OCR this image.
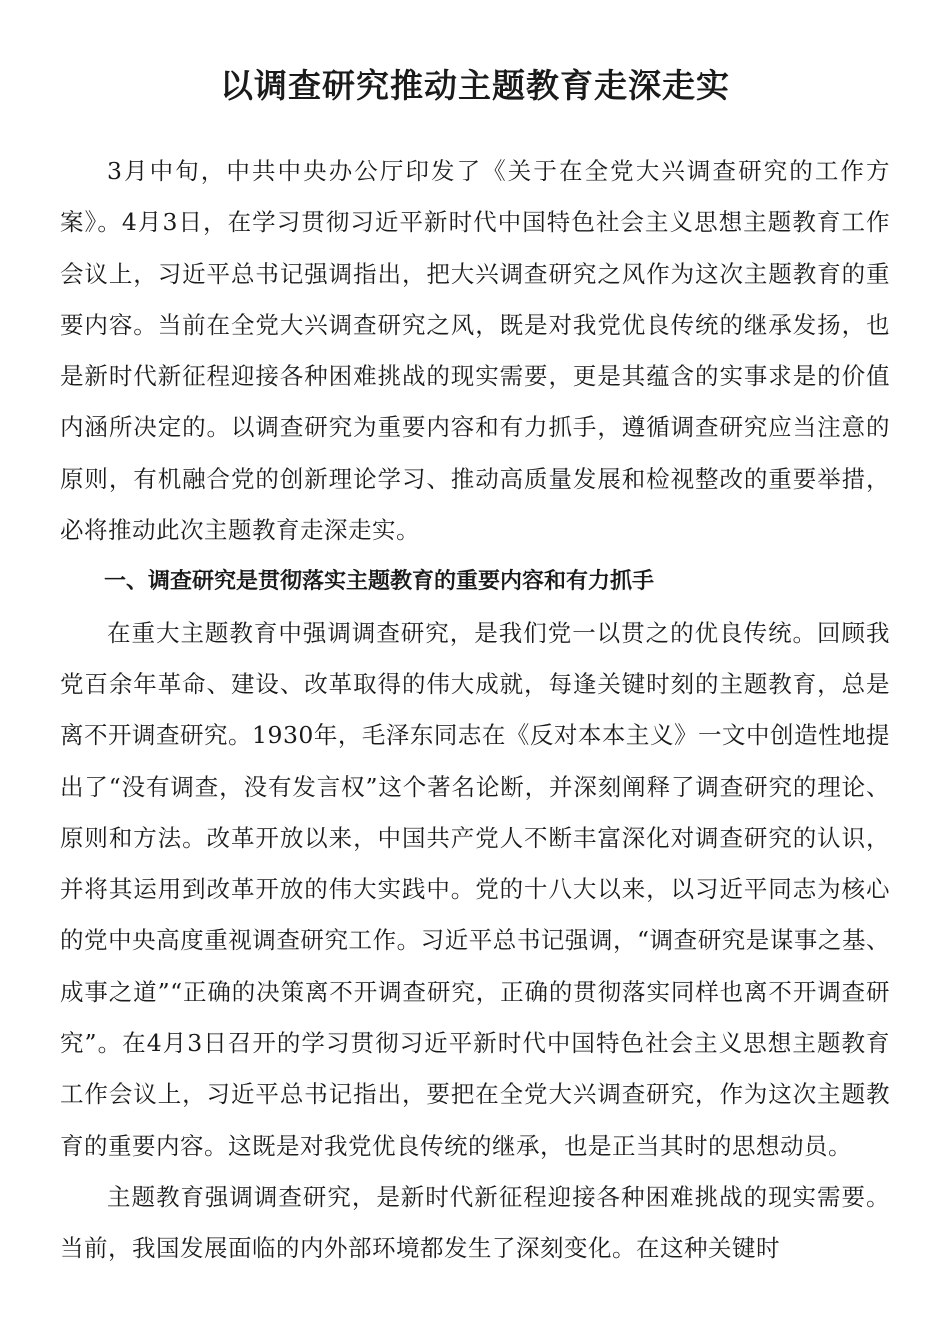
以调查研究推动主题教育走深走实

3月中旬，中共中央办公厅印发了《关于在全党大兴调查研究的工作方案》。4月3日，在学习贯彻习近平新时代中国特色社会主义思想主题教育工作会议上，习近平总书记强调指出，把大兴调查研究之风作为这次主题教育的重要内容。当前在全党大兴调查研究之风，既是对我党优良传统的继承发扬，也是新时代新征程迎接各种困难挑战的现实需要，更是其蕴含的实事求是的价值内涵所决定的。以调查研究为重要内容和有力抓手，遵循调查研究应当注意的原则，有机融合党的创新理论学习、推动高质量发展和检视整改的重要举措，必将推动此次主题教育走深走实。

一、调查研究是贯彻落实主题教育的重要内容和有力抓手

在重大主题教育中强调调查研究，是我们党一以贯之的优良传统。回顾我党百余年革命、建设、改革取得的伟大成就，每逢关键时刻的主题教育，总是离不开调查研究。1930年，毛泽东同志在《反对本本主义》一文中创造性地提出了“没有调查，没有发言权”这个著名论断，并深刻阐释了调查研究的理论、原则和方法。改革开放以来，中国共产党人不断丰富深化对调查研究的认识，并将其运用到改革开放的伟大实践中。党的十八大以来，以习近平同志为核心的党中央高度重视调查研究工作。习近平总书记强调，“调查研究是谋事之基、成事之道”“正确的决策离不开调查研究，正确的贯彻落实同样也离不开调查研究”。在4月3日召开的学习贯彻习近平新时代中国特色社会主义思想主题教育工作会议上，习近平总书记指出，要把在全党大兴调查研究，作为这次主题教育的重要内容。这既是对我党优良传统的继承，也是正当其时的思想动员。

主题教育强调调查研究，是新时代新征程迎接各种困难挑战的现实需要。当前，我国发展面临的内外部环境都发生了深刻变化。在这种关键时
